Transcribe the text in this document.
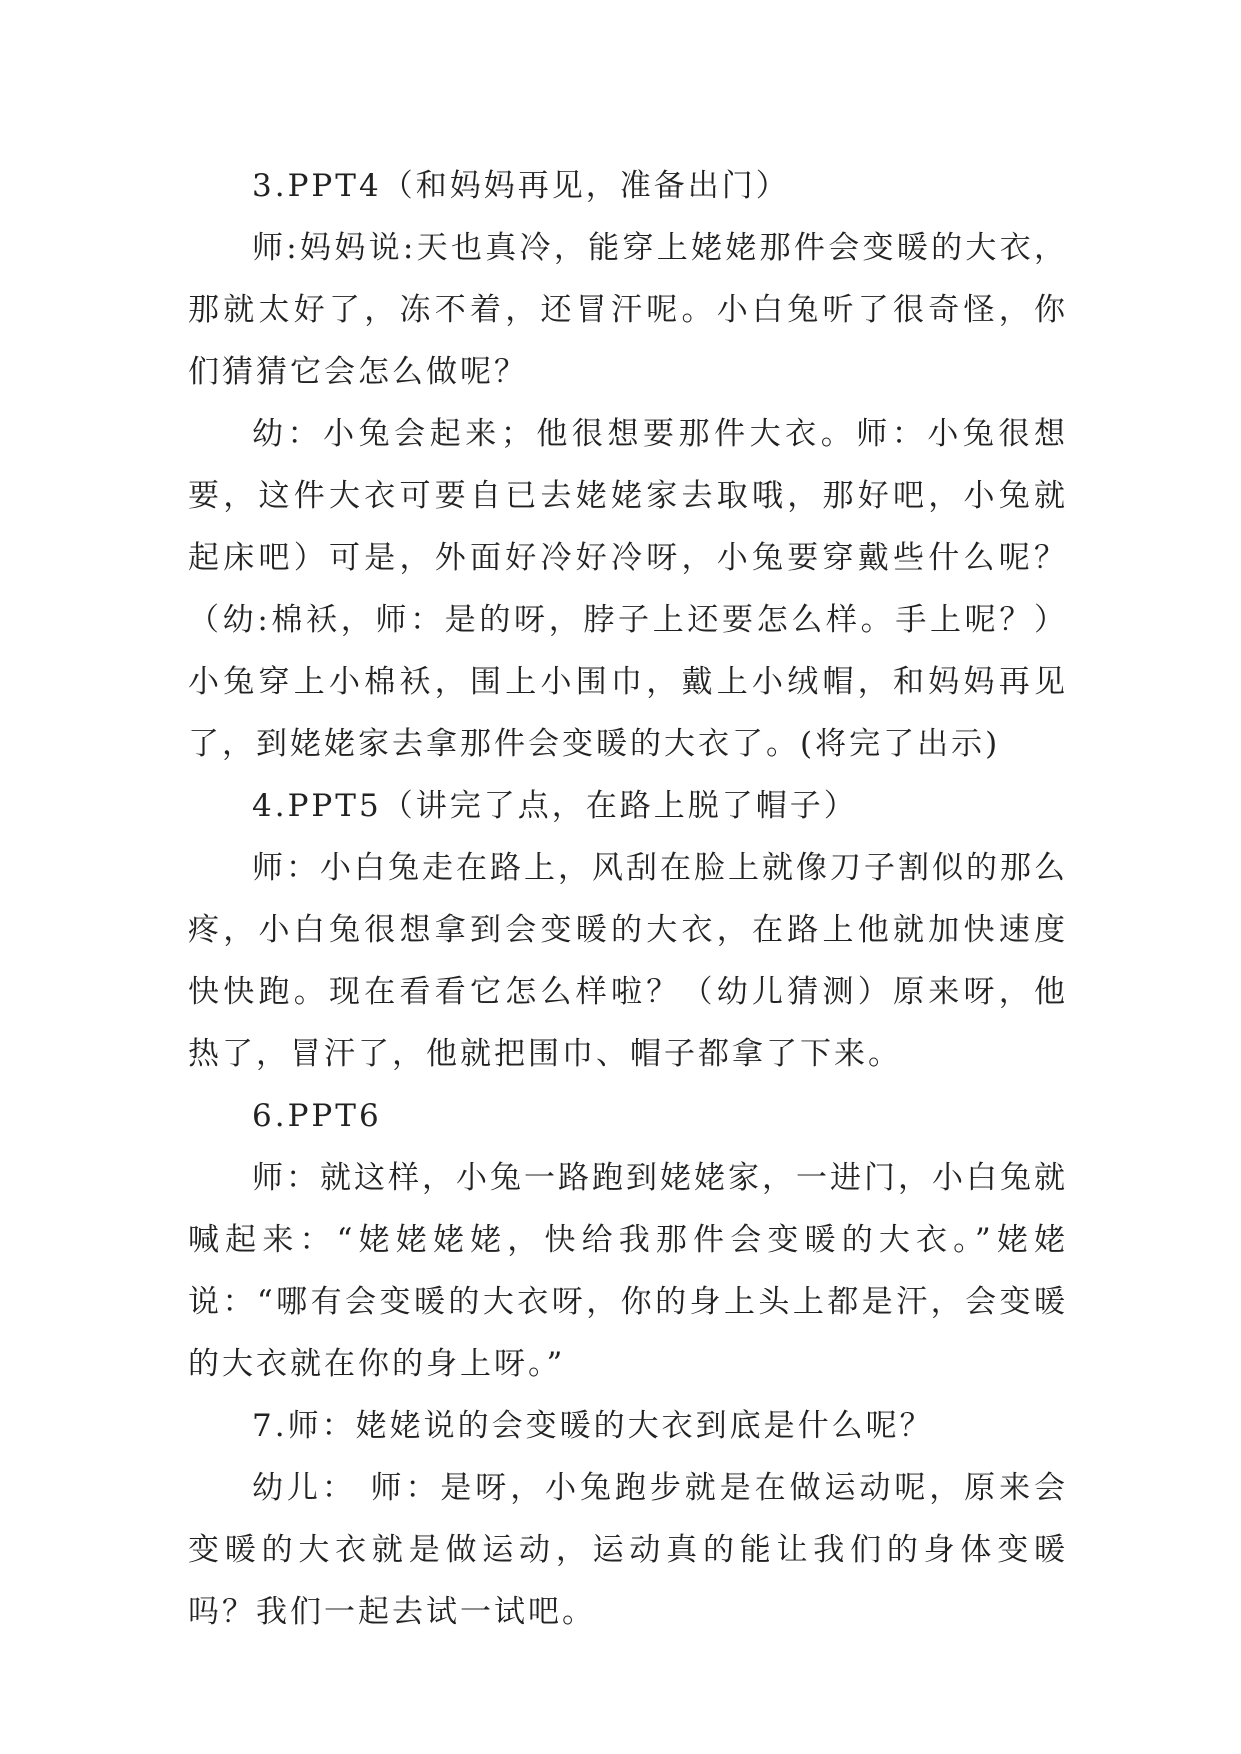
3.PPT4（和妈妈再见，准备出门）

师:妈妈说:天也真冷，能穿上姥姥那件会变暖的大衣，那就太好了，冻不着，还冒汗呢。小白兔听了很奇怪，你们猜猜它会怎么做呢？

幼：小兔会起来；他很想要那件大衣。师：小兔很想要，这件大衣可要自已去姥姥家去取哦，那好吧，小兔就起床吧）可是，外面好冷好冷呀，小兔要穿戴些什么呢？（幼:棉袄，师：是的呀，脖子上还要怎么样。手上呢？）小兔穿上小棉袄，围上小围巾，戴上小绒帽，和妈妈再见了，到姥姥家去拿那件会变暖的大衣了。(将完了出示)

4.PPT5（讲完了点，在路上脱了帽子）

师：小白兔走在路上，风刮在脸上就像刀子割似的那么疼，小白兔很想拿到会变暖的大衣，在路上他就加快速度快快跑。现在看看它怎么样啦？（幼儿猜测）原来呀，他热了，冒汗了，他就把围巾、帽子都拿了下来。

6.PPT6

师：就这样，小兔一路跑到姥姥家，一进门，小白兔就喊起来：“姥姥姥姥，快给我那件会变暖的大衣。”姥姥说：“哪有会变暖的大衣呀，你的身上头上都是汗，会变暖的大衣就在你的身上呀。”

7.师：姥姥说的会变暖的大衣到底是什么呢？

幼儿： 师：是呀，小兔跑步就是在做运动呢，原来会变暖的大衣就是做运动，运动真的能让我们的身体变暖吗？我们一起去试一试吧。
